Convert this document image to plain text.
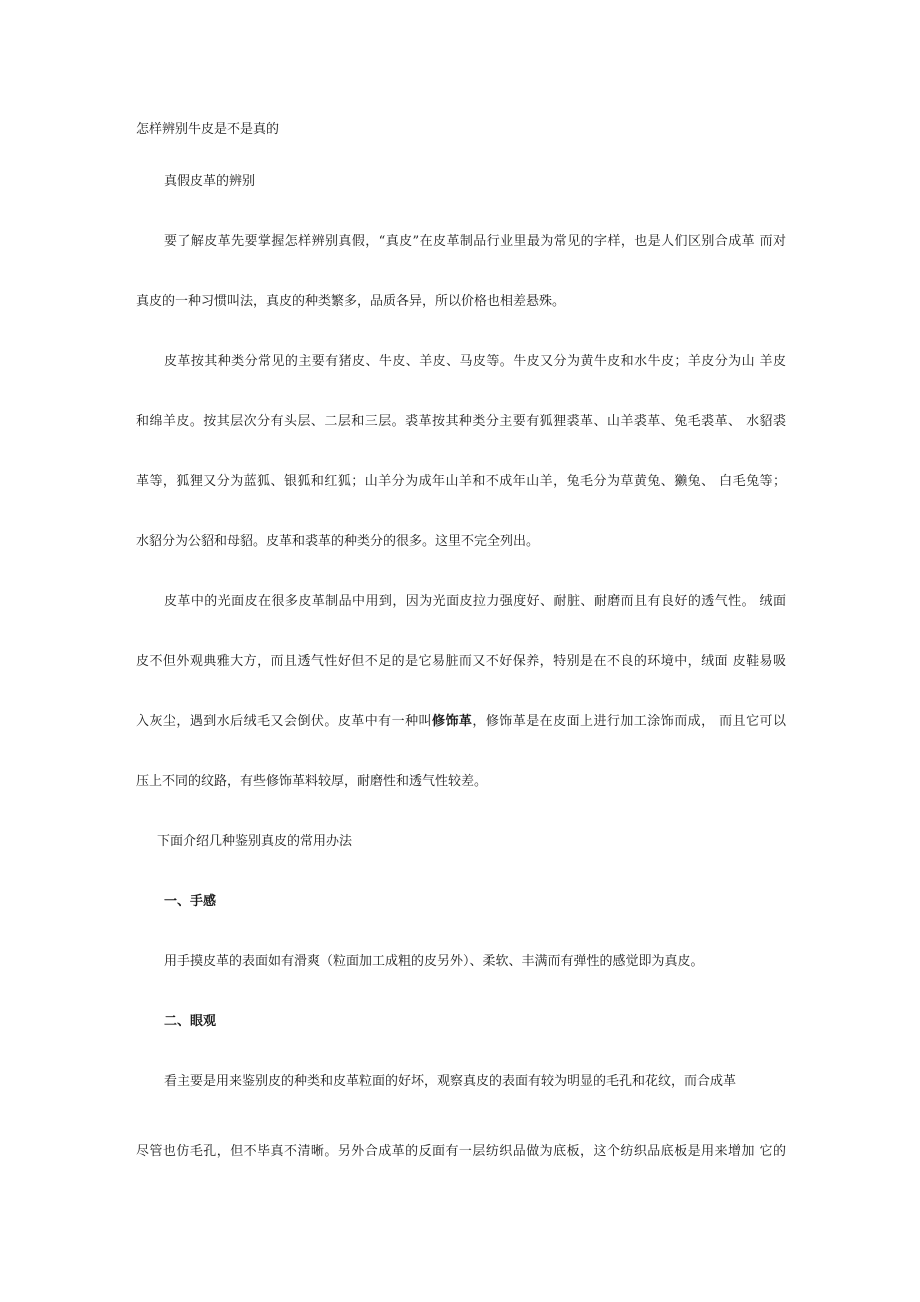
怎样辨别牛皮是不是真的

真假皮革的辨别

要了解皮革先要掌握怎样辨别真假，“真皮”在皮革制品行业里最为常见的字样，也是人们区别合成革 而对

真皮的一种习惯叫法，真皮的种类繁多，品质各异，所以价格也相差悬殊。

皮革按其种类分常见的主要有猪皮、牛皮、羊皮、马皮等。牛皮又分为黄牛皮和水牛皮；羊皮分为山 羊皮

和绵羊皮。按其层次分有头层、二层和三层。裘革按其种类分主要有狐狸裘革、山羊裘革、兔毛裘革、 水貂裘

革等，狐狸又分为蓝狐、银狐和红狐；山羊分为成年山羊和不成年山羊，兔毛分为草黄兔、獭兔、 白毛兔等；

水貂分为公貂和母貂。皮革和裘革的种类分的很多。这里不完全列出。

皮革中的光面皮在很多皮革制品中用到，因为光面皮拉力强度好、耐脏、耐磨而且有良好的透气性。 绒面

皮不但外观典雅大方，而且透气性好但不足的是它易脏而又不好保养，特别是在不良的环境中，绒面 皮鞋易吸

入灰尘，遇到水后绒毛又会倒伏。皮革中有一种叫修饰革，修饰革是在皮面上进行加工涂饰而成， 而且它可以

压上不同的纹路，有些修饰革料较厚，耐磨性和透气性较差。

下面介绍几种鉴别真皮的常用办法

一、手感

用手摸皮革的表面如有滑爽（粒面加工成粗的皮另外）、柔软、丰满而有弹性的感觉即为真皮。

二、眼观

看主要是用来鉴别皮的种类和皮革粒面的好坏，观察真皮的表面有较为明显的毛孔和花纹，而合成革

尽管也仿毛孔，但不毕真不清晰。另外合成革的反面有一层纺织品做为底板，这个纺织品底板是用来增加 它的
